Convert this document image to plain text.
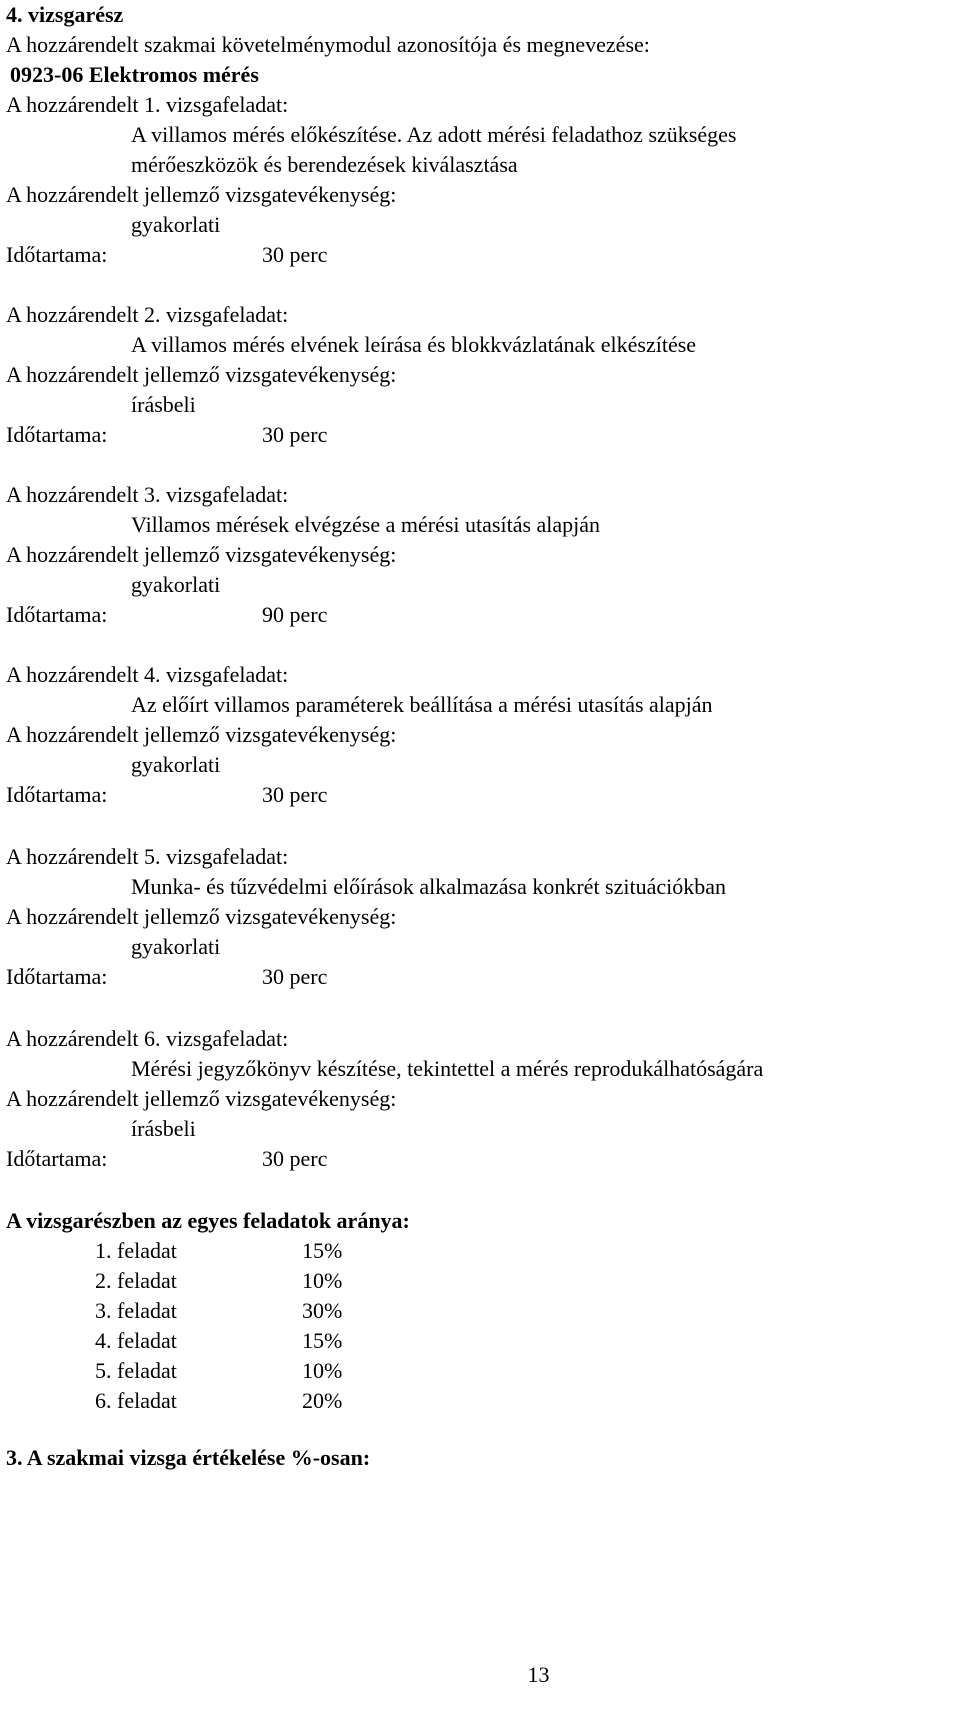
4. vizsgarész
A hozzárendelt szakmai követelménymodul azonosítója és megnevezése:
0923-06 Elektromos mérés
A hozzárendelt 1. vizsgafeladat:
A villamos mérés előkészítése. Az adott mérési feladathoz szükséges
mérőeszközök és berendezések kiválasztása
A hozzárendelt jellemző vizsgatevékenység:
gyakorlati
Időtartama:	30 perc
A hozzárendelt 2. vizsgafeladat:
A villamos mérés elvének leírása és blokkvázlatának elkészítése
A hozzárendelt jellemző vizsgatevékenység:
írásbeli
Időtartama:	30 perc
A hozzárendelt 3. vizsgafeladat:
Villamos mérések elvégzése a mérési utasítás alapján
A hozzárendelt jellemző vizsgatevékenység:
gyakorlati
Időtartama:	90 perc
A hozzárendelt 4. vizsgafeladat:
Az előírt villamos paraméterek beállítása a mérési utasítás alapján
A hozzárendelt jellemző vizsgatevékenység:
gyakorlati
Időtartama:	30 perc
A hozzárendelt 5. vizsgafeladat:
Munka- és tűzvédelmi előírások alkalmazása konkrét szituációkban
A hozzárendelt jellemző vizsgatevékenység:
gyakorlati
Időtartama:	30 perc
A hozzárendelt 6. vizsgafeladat:
Mérési jegyzőkönyv készítése, tekintettel a mérés reprodukálhatóságára
A hozzárendelt jellemző vizsgatevékenység:
írásbeli
Időtartama:	30 perc
A vizsgarészben az egyes feladatok aránya:
1. feladat	15%
2. feladat	10%
3. feladat	30%
4. feladat	15%
5. feladat	10%
6. feladat	20%
3. A szakmai vizsga értékelése %-osan:
13
